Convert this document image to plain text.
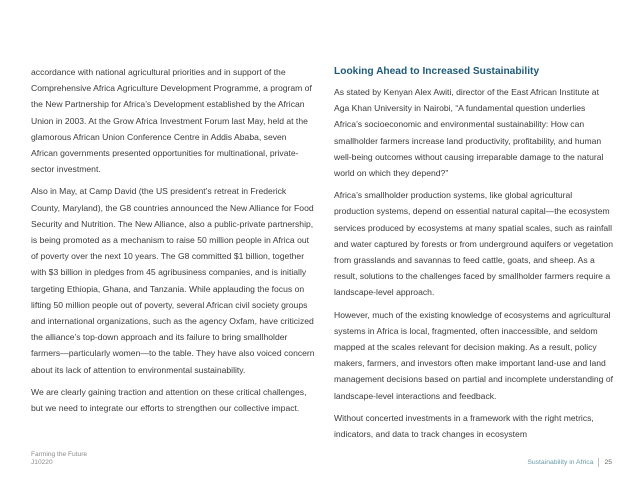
accordance with national agricultural priorities and in support of the Comprehensive Africa Agriculture Development Programme, a program of the New Partnership for Africa’s Development established by the African Union in 2003. At the Grow Africa Investment Forum last May, held at the glamorous African Union Conference Centre in Addis Ababa, seven African governments presented opportunities for multinational, private-sector investment.

Also in May, at Camp David (the US president’s retreat in Frederick County, Maryland), the G8 countries announced the New Alliance for Food Security and Nutrition. The New Alliance, also a public-private partnership, is being promoted as a mechanism to raise 50 million people in Africa out of poverty over the next 10 years. The G8 committed $1 billion, together with $3 billion in pledges from 45 agribusiness companies, and is initially targeting Ethiopia, Ghana, and Tanzania. While applauding the focus on lifting 50 million people out of poverty, several African civil society groups and international organizations, such as the agency Oxfam, have criticized the alliance’s top-down approach and its failure to bring smallholder farmers—particularly women—to the table. They have also voiced concern about its lack of attention to environmental sustainability.

We are clearly gaining traction and attention on these critical challenges, but we need to integrate our efforts to strengthen our collective impact.

Looking Ahead to Increased Sustainability

As stated by Kenyan Alex Awiti, director of the East African Institute at Aga Khan University in Nairobi, “A fundamental question underlies Africa’s socioeconomic and environmental sustainability: How can smallholder farmers increase land productivity, profitability, and human well-being outcomes without causing irreparable damage to the natural world on which they depend?”

Africa’s smallholder production systems, like global agricultural production systems, depend on essential natural capital—the ecosystem services produced by ecosystems at many spatial scales, such as rainfall and water captured by forests or from underground aquifers or vegetation from grasslands and savannas to feed cattle, goats, and sheep. As a result, solutions to the challenges faced by smallholder farmers require a landscape-level approach.

However, much of the existing knowledge of ecosystems and agricultural systems in Africa is local, fragmented, often inaccessible, and seldom mapped at the scales relevant for decision making. As a result, policy makers, farmers, and investors often make important land-use and land management decisions based on partial and incomplete understanding of landscape-level interactions and feedback.

Without concerted investments in a framework with the right metrics, indicators, and data to track changes in ecosystem

Farming the Future
J10220	Sustainability in Africa 25
